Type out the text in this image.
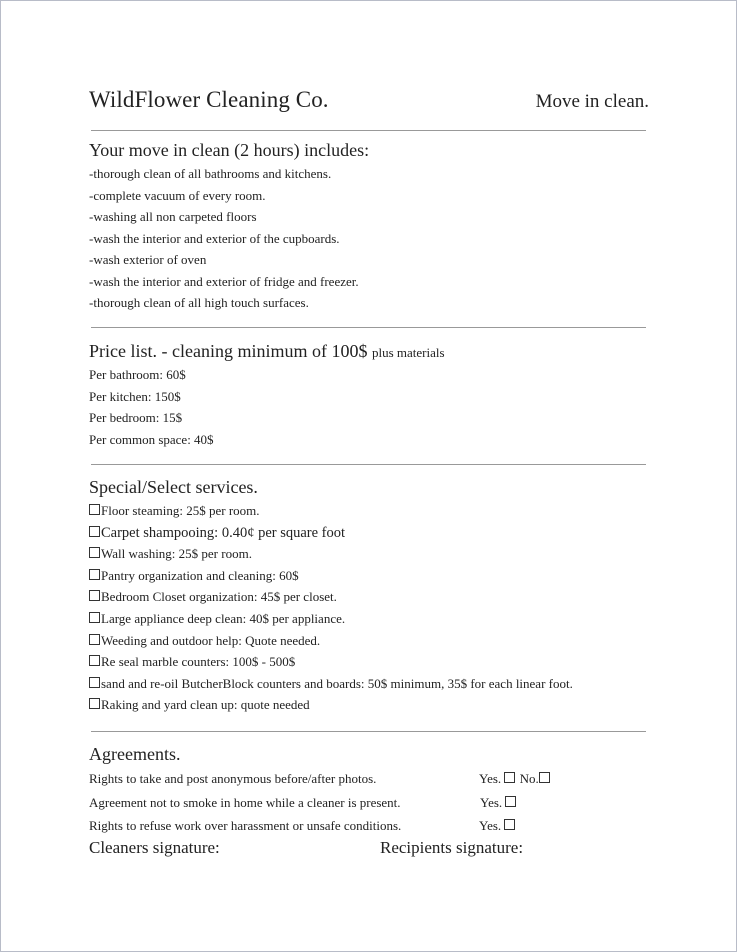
WildFlower Cleaning Co.	Move in clean.
Your move in clean (2 hours) includes:
-thorough clean of all bathrooms and kitchens.
-complete vacuum of every room.
-washing all non carpeted floors
-wash the interior and exterior of the cupboards.
-wash exterior of oven
-wash the interior and exterior of fridge and freezer.
-thorough clean of all high touch surfaces.
Price list. - cleaning minimum of 100$ plus materials
Per bathroom: 60$
Per kitchen: 150$
Per bedroom: 15$
Per common space: 40$
Special/Select services.
Floor steaming: 25$ per room.
Carpet shampooing: 0.40¢ per square foot
Wall washing: 25$ per room.
Pantry organization and cleaning: 60$
Bedroom Closet organization: 45$ per closet.
Large appliance deep clean: 40$ per appliance.
Weeding and outdoor help: Quote needed.
Re seal marble counters: 100$ - 500$
sand and re-oil ButcherBlock counters and boards: 50$ minimum, 35$ for each linear foot.
Raking and yard clean up: quote needed
Agreements.
Rights to take and post anonymous before/after photos.	Yes. No.
Agreement not to smoke in home while a cleaner is present.	Yes.
Rights to refuse work over harassment or unsafe conditions.	Yes.
Cleaners signature:	Recipients signature:
